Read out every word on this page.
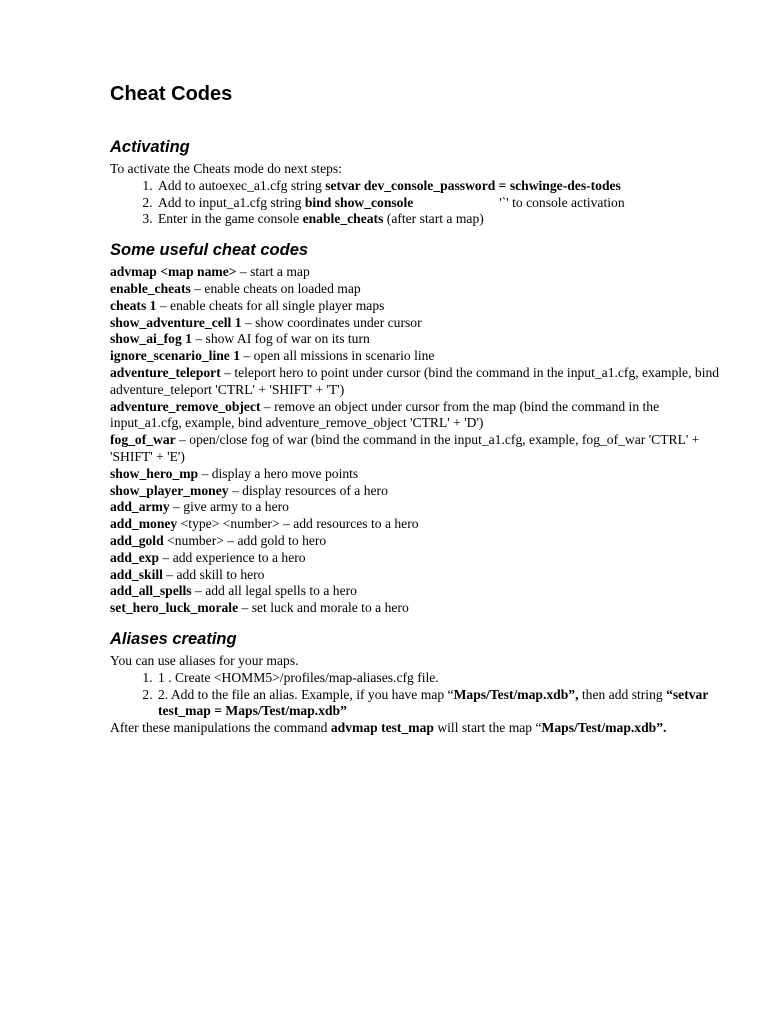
Cheat Codes
Activating

To activate the Cheats mode do next steps:

1. Add to autoexec_a1.cfg string setvar dev_console_password = schwinge-des-todes
2. Add to input_a1.cfg string bind show_console	'`' to console activation
3. Enter in the game console enable_cheats (after start a map)
Some useful cheat codes
advmap <map name> – start a map
enable_cheats – enable cheats on loaded map
cheats 1 – enable cheats for all single player maps
show_adventure_cell 1 – show coordinates under cursor
show_ai_fog 1 – show AI fog of war on its turn
ignore_scenario_line 1 – open all missions in scenario line
adventure_teleport – teleport hero to point under cursor (bind the command in the input_a1.cfg, example, bind adventure_teleport 'CTRL' + 'SHIFT' + 'T')
adventure_remove_object – remove an object under cursor from the map (bind the command in the input_a1.cfg, example, bind adventure_remove_object 'CTRL' + 'D')
fog_of_war – open/close fog of war (bind the command in the input_a1.cfg, example, fog_of_war 'CTRL' + 'SHIFT' + 'E')
show_hero_mp – display a hero move points
show_player_money – display resources of a hero
add_army – give army to a hero
add_money <type> <number> – add resources to a hero
add_gold <number> – add gold to hero
add_exp – add experience to a hero
add_skill – add skill to hero
add_all_spells – add all legal spells to a hero
set_hero_luck_morale – set luck and morale to a hero
Aliases creating

You can use aliases for your maps.

1. 1 . Create <HOMM5>/profiles/map-aliases.cfg file.
2. 2. Add to the file an alias. Example, if you have map “Maps/Test/map.xdb”, then add string “setvar test_map = Maps/Test/map.xdb”

After these manipulations the command advmap test_map will start the map “Maps/Test/map.xdb”.
